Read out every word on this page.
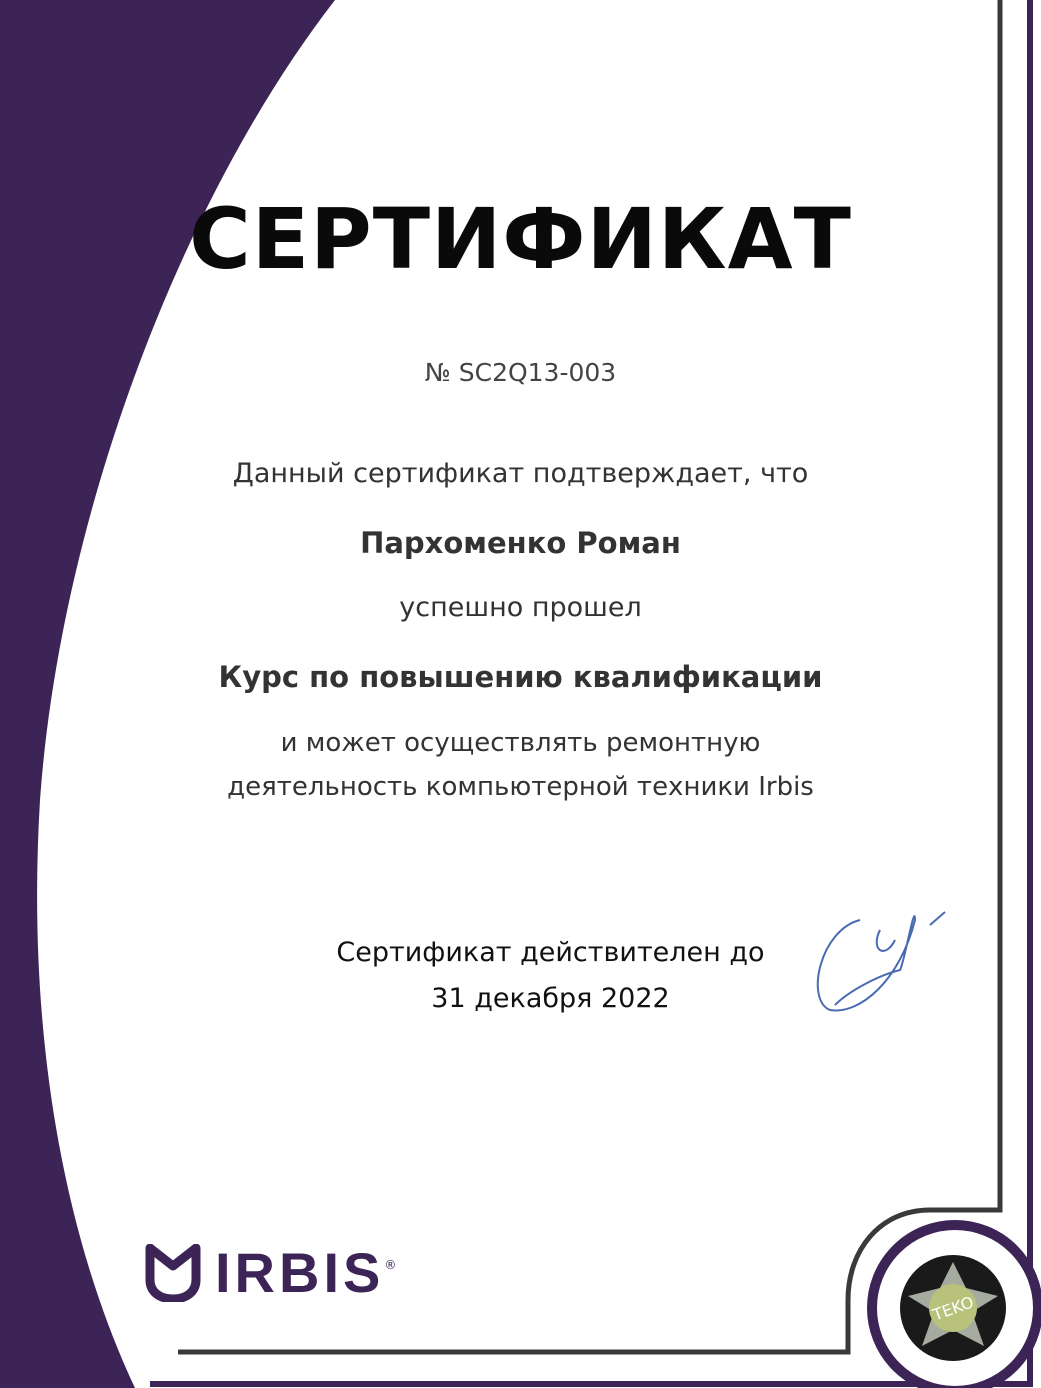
TEKO
СЕРТИФИКАТ
№ SC2Q13-003
Данный сертификат подтверждает, что
Пархоменко Роман
успешно прошел
Курс по повышению квалификации
и может осуществлять ремонтную
деятельность компьютерной техники Irbis
Сертификат действителен до
31 декабря 2022
IRBIS ®
